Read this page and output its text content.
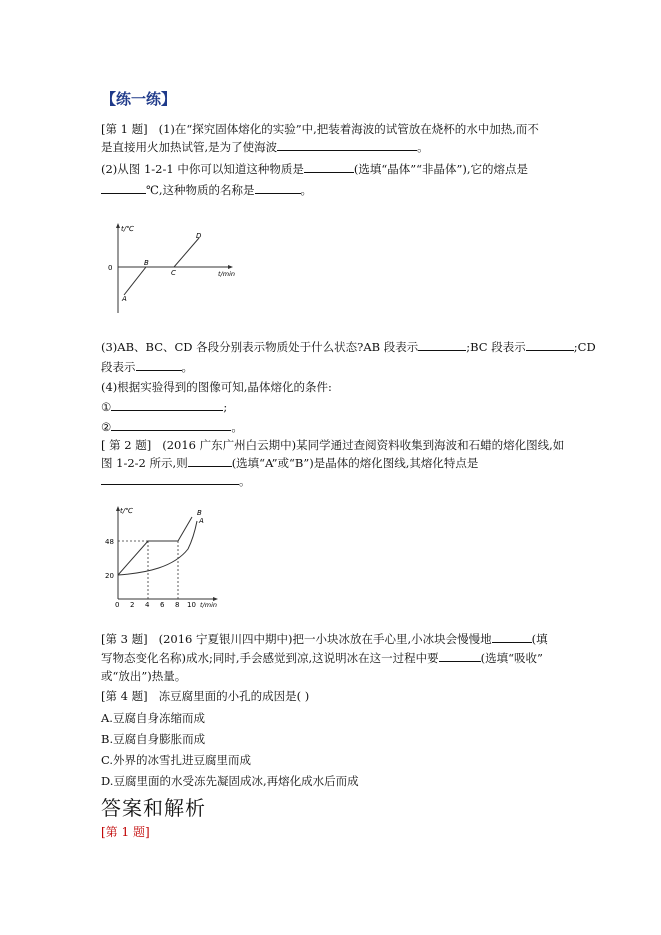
【练一练】
[第 1 题] (1)在“探究固体熔化的实验”中,把装着海波的试管放在烧杯的水中加热,而不
是直接用火加热试管,是为了使海波	。
(2)从图 1-2-1 中你可以知道这种物质是	(选填“晶体”“非晶体”),它的熔点是
℃,这种物质的名称是	。
t/℃
t/min
0
A
B
C
D
(3)AB、BC、CD 各段分别表示物质处于什么状态?AB 段表示	;BC 段表示	;CD
段表示	。
(4)根据实验得到的图像可知,晶体熔化的条件:
①	;
②	。
[ 第 2 题] (2016 广东广州白云期中)某同学通过查阅资料收集到海波和石蜡的熔化图线,如
图 1-2-2 所示,则	(选填“A”或“B”)是晶体的熔化图线,其熔化特点是
。
t/℃
t/min
48
20
0 2 4 6 8 10
B
A
[第 3 题] (2016 宁夏银川四中期中)把一小块冰放在手心里,小冰块会慢慢地	(填
写物态变化名称)成水;同时,手会感觉到凉,这说明冰在这一过程中要	(选填“吸收”
或“放出”)热量。
[第 4 题] 冻豆腐里面的小孔的成因是( )
A.豆腐自身冻缩而成
B.豆腐自身膨胀而成
C.外界的冰雪扎进豆腐里而成
D.豆腐里面的水受冻先凝固成冰,再熔化成水后而成
答案和解析
[第 1 题]
